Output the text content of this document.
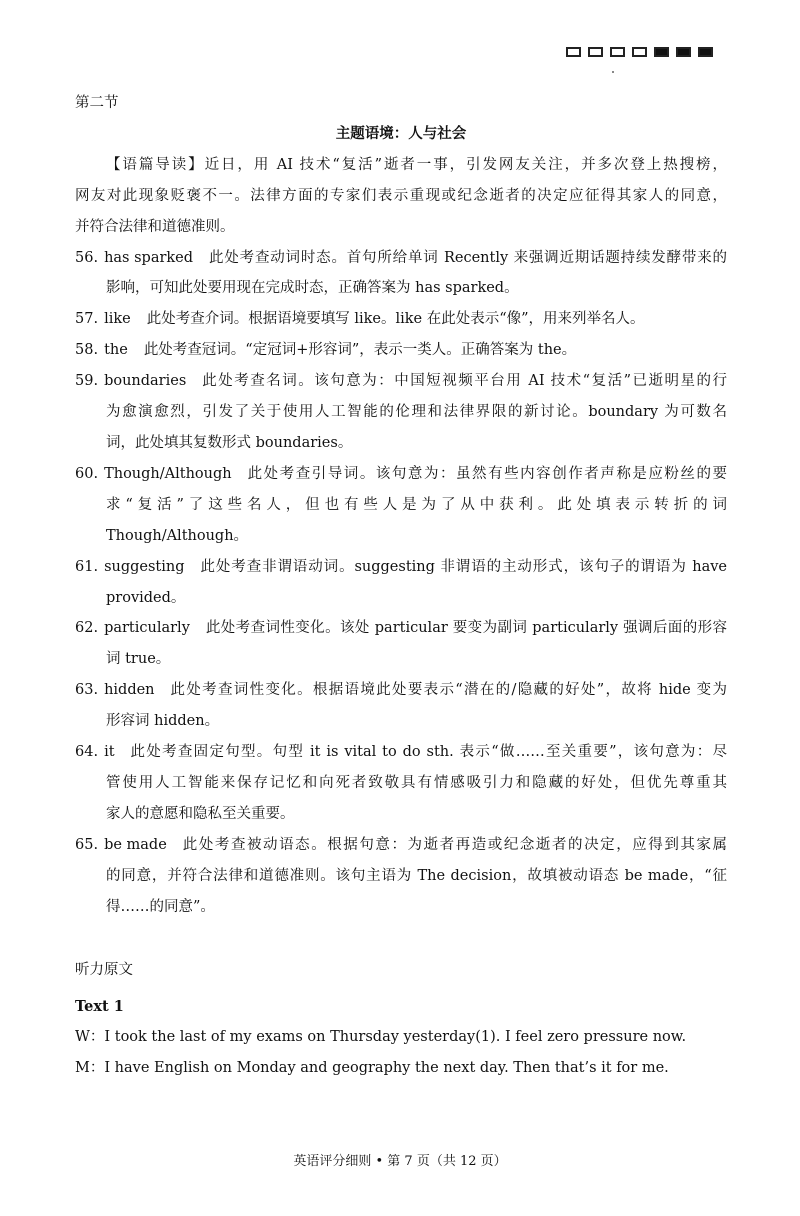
第二节
主题语境：人与社会
【语篇导读】近日，用 AI 技术“复活”逝者一事，引发网友关注，并多次登上热搜榜，
网友对此现象贬褒不一。法律方面的专家们表示重现或纪念逝者的决定应征得其家人的同意，
并符合法律和道德准则。
56. has sparked 此处考查动词时态。首句所给单词 Recently 来强调近期话题持续发酵带来的
影响，可知此处要用现在完成时态，正确答案为 has sparked。
57. like 此处考查介词。根据语境要填写 like。like 在此处表示“像”，用来列举名人。
58. the 此处考查冠词。“定冠词+形容词”，表示一类人。正确答案为 the。
59. boundaries 此处考查名词。该句意为：中国短视频平台用 AI 技术“复活”已逝明星的行
为愈演愈烈，引发了关于使用人工智能的伦理和法律界限的新讨论。boundary 为可数名
词，此处填其复数形式 boundaries。
60. Though/Although 此处考查引导词。该句意为：虽然有些内容创作者声称是应粉丝的要
求“复活”了这些名人，但也有些人是为了从中获利。此处填表示转折的词
Though/Although。
61. suggesting 此处考查非谓语动词。suggesting 非谓语的主动形式，该句子的谓语为 have
provided。
62. particularly 此处考查词性变化。该处 particular 要变为副词 particularly 强调后面的形容
词 true。
63. hidden 此处考查词性变化。根据语境此处要表示“潜在的/隐藏的好处”，故将 hide 变为
形容词 hidden。
64. it 此处考查固定句型。句型 it is vital to do sth. 表示“做……至关重要”，该句意为：尽
管使用人工智能来保存记忆和向死者致敬具有情感吸引力和隐藏的好处，但优先尊重其
家人的意愿和隐私至关重要。
65. be made 此处考查被动语态。根据句意：为逝者再造或纪念逝者的决定，应得到其家属
的同意，并符合法律和道德准则。该句主语为 The decision，故填被动语态 be made，“征
得……的同意”。
听力原文
Text 1
W：I took the last of my exams on Thursday yesterday(1). I feel zero pressure now.
M：I have English on Monday and geography the next day. Then that’s it for me.
英语评分细则 • 第 7 页（共 12 页）
